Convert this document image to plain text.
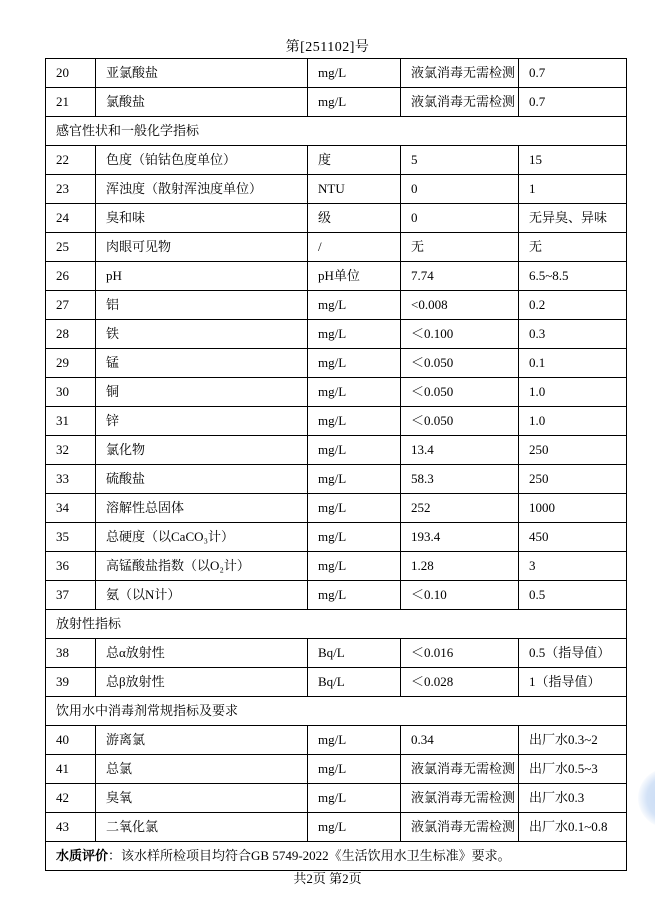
第[251102]号
20	亚氯酸盐	mg/L	液氯消毒无需检测	0.7
21	氯酸盐	mg/L	液氯消毒无需检测	0.7
感官性状和一般化学指标				
22	色度（铂钴色度单位）	度	5	15
23	浑浊度（散射浑浊度单位）	NTU	0	1
24	臭和味	级	0	无异臭、异味
25	肉眼可见物	/	无	无
26	pH	pH单位	7.74	6.5~8.5
27	铝	mg/L	<0.008	0.2
28	铁	mg/L	＜0.100	0.3
29	锰	mg/L	＜0.050	0.1
30	铜	mg/L	＜0.050	1.0
31	锌	mg/L	＜0.050	1.0
32	氯化物	mg/L	13.4	250
33	硫酸盐	mg/L	58.3	250
34	溶解性总固体	mg/L	252	1000
35	总硬度（以CaCO₃计）	mg/L	193.4	450
36	高锰酸盐指数（以O₂计）	mg/L	1.28	3
37	氨（以N计）	mg/L	＜0.10	0.5
放射性指标				
38	总α放射性	Bq/L	＜0.016	0.5（指导值）
39	总β放射性	Bq/L	＜0.028	1（指导值）
饮用水中消毒剂常规指标及要求				
40	游离氯	mg/L	0.34	出厂水0.3~2
41	总氯	mg/L	液氯消毒无需检测	出厂水0.5~3
42	臭氧	mg/L	液氯消毒无需检测	出厂水0.3
43	二氧化氯	mg/L	液氯消毒无需检测	出厂水0.1~0.8
水质评价：该水样所检项目均符合GB 5749-2022《生活饮用水卫生标准》要求。				
共2页 第2页
